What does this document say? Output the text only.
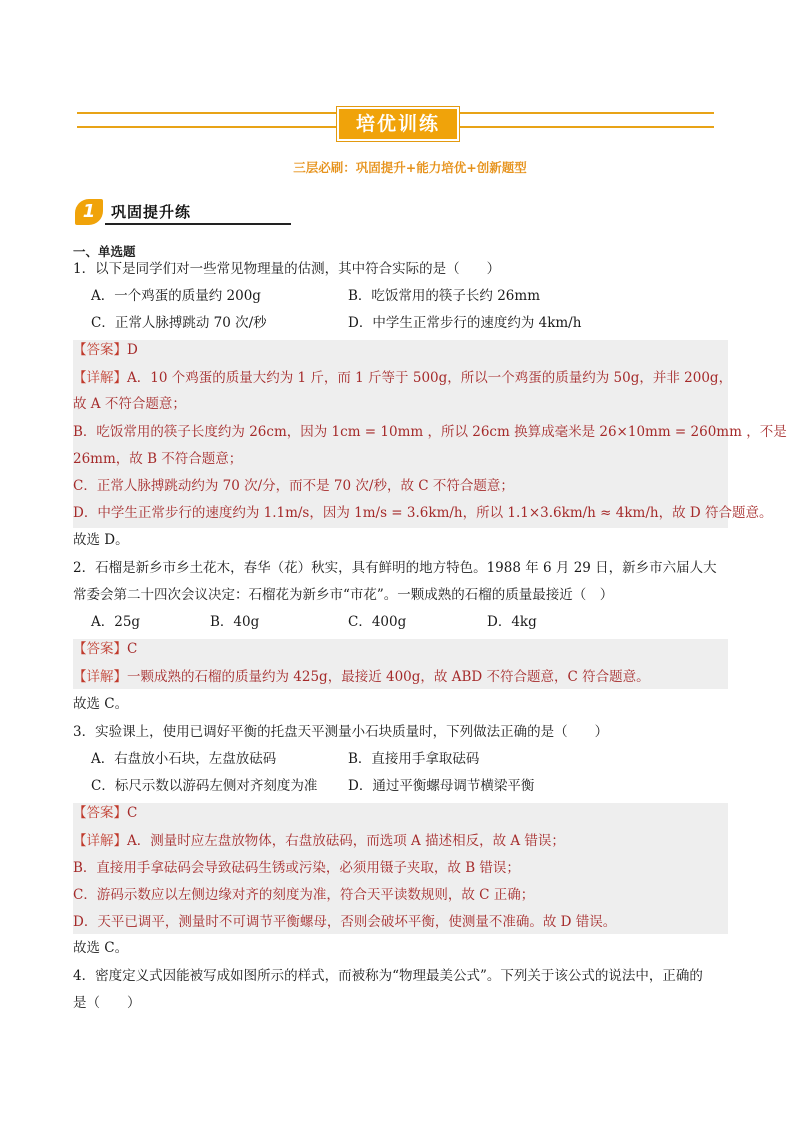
培优训练
三层必刷：巩固提升+能力培优+创新题型
1	巩固提升练
一、单选题
1．以下是同学们对一些常见物理量的估测，其中符合实际的是（　　）
A．一个鸡蛋的质量约 200g	B．吃饭常用的筷子长约 26mm
C．正常人脉搏跳动 70 次/秒	D．中学生正常步行的速度约为 4km/h
【答案】D
【详解】A．10 个鸡蛋的质量大约为 1 斤，而 1 斤等于 500g，所以一个鸡蛋的质量约为 50g，并非 200g，
故 A 不符合题意；
B．吃饭常用的筷子长度约为 26cm，因为 1cm = 10mm ，所以 26cm 换算成毫米是 26×10mm = 260mm ，不是
26mm，故 B 不符合题意；
C．正常人脉搏跳动约为 70 次/分，而不是 70 次/秒，故 C 不符合题意；
D．中学生正常步行的速度约为 1.1m/s，因为 1m/s = 3.6km/h，所以 1.1×3.6km/h ≈ 4km/h，故 D 符合题意。
故选 D。
2．石榴是新乡市乡土花木，春华（花）秋实，具有鲜明的地方特色。1988 年 6 月 29 日，新乡市六届人大
常委会第二十四次会议决定：石榴花为新乡市“市花”。一颗成熟的石榴的质量最接近（　）
A．25g	B．40g	C．400g	D．4kg
【答案】C
【详解】一颗成熟的石榴的质量约为 425g，最接近 400g，故 ABD 不符合题意，C 符合题意。
故选 C。
3．实验课上，使用已调好平衡的托盘天平测量小石块质量时，下列做法正确的是（　　）
A．右盘放小石块，左盘放砝码	B．直接用手拿取砝码
C．标尺示数以游码左侧对齐刻度为准 D．通过平衡螺母调节横梁平衡
【答案】C
【详解】A．测量时应左盘放物体，右盘放砝码，而选项 A 描述相反，故 A 错误；
B．直接用手拿砝码会导致砝码生锈或污染，必须用镊子夹取，故 B 错误；
C．游码示数应以左侧边缘对齐的刻度为准，符合天平读数规则，故 C 正确；
D．天平已调平，测量时不可调节平衡螺母，否则会破坏平衡，使测量不准确。故 D 错误。
故选 C。
4．密度定义式因能被写成如图所示的样式，而被称为“物理最美公式”。下列关于该公式的说法中，正确的
是（　　）
